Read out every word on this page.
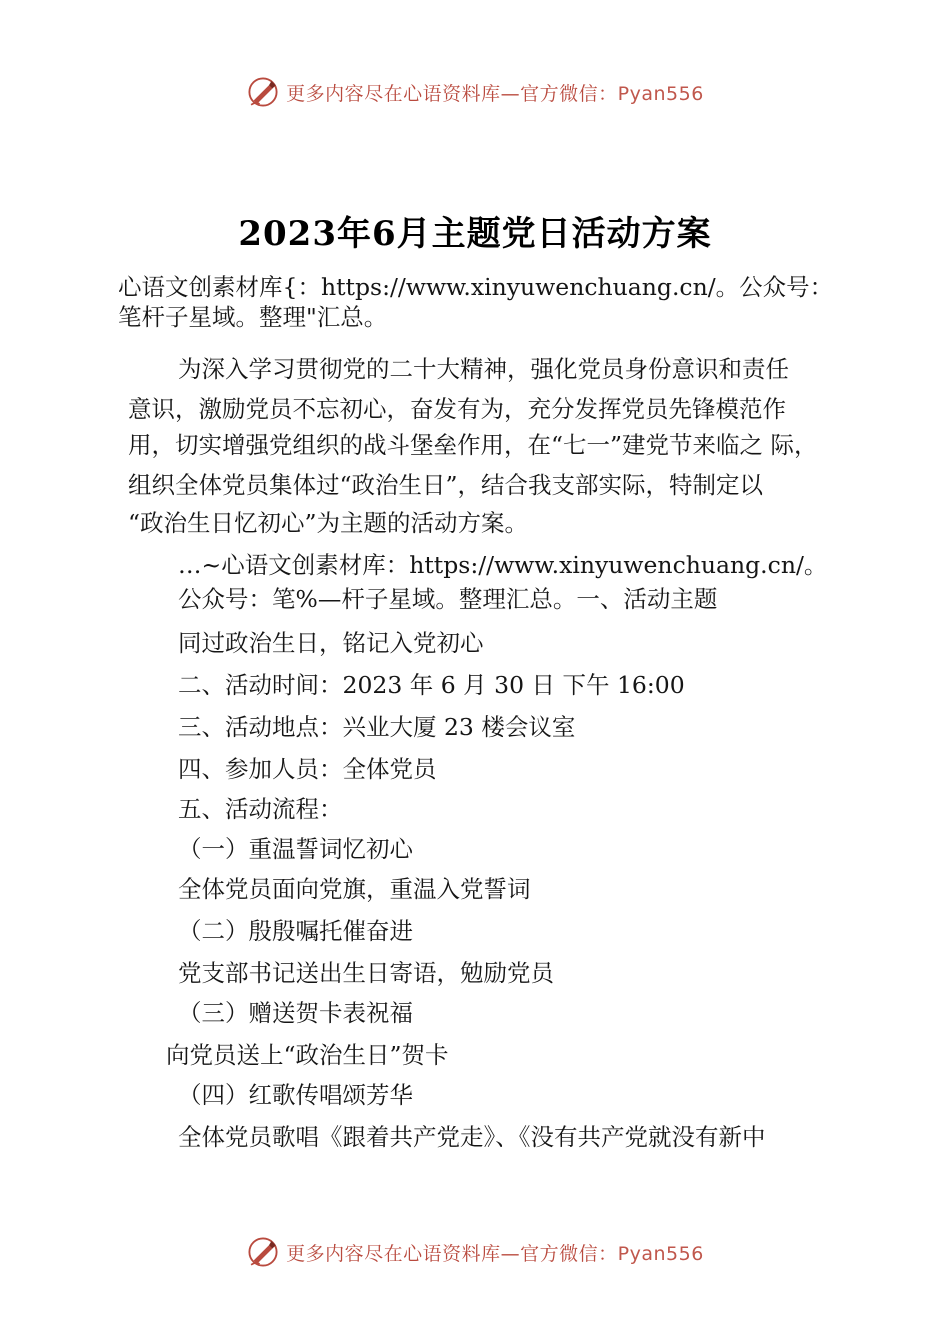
更多内容尽在心语资料库—官方微信：Pyan556
2023年6月主题党日活动方案
心语文创素材库{：https://www.xinyuwenchuang.cn/。公众号：
笔杆子星域。整理"汇总。
为深入学习贯彻党的二十大精神，强化党员身份意识和责任
意识，激励党员不忘初心，奋发有为，充分发挥党员先锋模范作
用，切实增强党组织的战斗堡垒作用，在“七一”建党节来临之 际，
组织全体党员集体过“政治生日”，结合我支部实际，特制定以
“政治生日忆初心”为主题的活动方案。
…~心语文创素材库：https://www.xinyuwenchuang.cn/。
公众号：笔%—杆子星域。整理汇总。一、活动主题
同过政治生日，铭记入党初心
二、活动时间：2023 年 6 月 30 日 下午 16:00
三、活动地点：兴业大厦 23 楼会议室
四、参加人员：全体党员
五、活动流程：
（一）重温誓词忆初心
全体党员面向党旗，重温入党誓词
（二）殷殷嘱托催奋进
党支部书记送出生日寄语，勉励党员
（三）赠送贺卡表祝福
向党员送上“政治生日”贺卡
（四）红歌传唱颂芳华
全体党员歌唱《跟着共产党走》、《没有共产党就没有新中
更多内容尽在心语资料库—官方微信：Pyan556
